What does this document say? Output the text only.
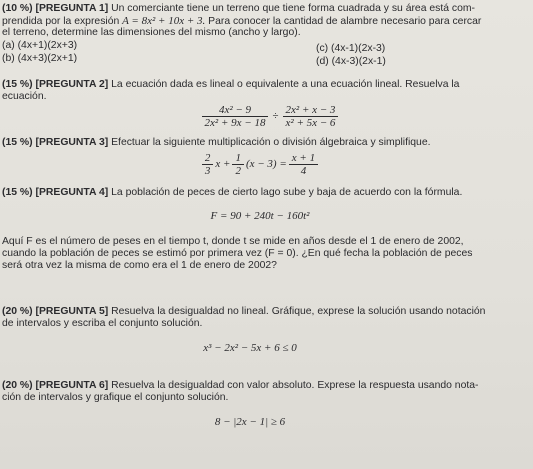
(10 %) [PREGUNTA 1] Un comerciante tiene un terreno que tiene forma cuadrada y su área está com-
prendida por la expresión A = 8x² + 10x + 3. Para conocer la cantidad de alambre necesario para cercar
el terreno, determine las dimensiones del mismo (ancho y largo).
(a) (4x+1)(2x+3)	(c) (4x-1)(2x-3)
(b) (4x+3)(2x+1)	(d) (4x-3)(2x-1)
(15 %) [PREGUNTA 2] La ecuación dada es lineal o equivalente a una ecuación lineal. Resuelva la
ecuación.
$\frac{\text{4x² − 9}}{\text{2x² + 9x − 18}} \div \frac{\text{2x² + x − 3}}{\text{x² + 5x − 6}}$
(15 %) [PREGUNTA 3] Efectuar la siguiente multiplicación o división álgebraica y simplifique.
$\frac{2}{3}$ $x + \frac{1}{2} (x - 3) = \frac{x + 1}{4}$
(15 %) [PREGUNTA 4] La población de peces de cierto lago sube y baja de acuerdo con la fórmula.
F = 90 + 240t − 160t²
Aquí F es el número de peses en el tiempo t, donde t se mide en años desde el 1 de enero de 2002,
cuando la población de peces se estimó por primera vez (F = 0). ¿En qué fecha la población de peces
será otra vez la misma de como era el 1 de enero de 2002?
(20 %) [PREGUNTA 5] Resuelva la desigualdad no lineal. Gráfique, exprese la solución usando notación
de intervalos y escriba el conjunto solución.
x³ − 2x² − 5x + 6 ≤ 0
(20 %) [PREGUNTA 6] Resuelva la desigualdad con valor absoluto. Exprese la respuesta usando nota-
ción de intervalos y grafique el conjunto solución.
8 − |2x − 1| ≥ 6
